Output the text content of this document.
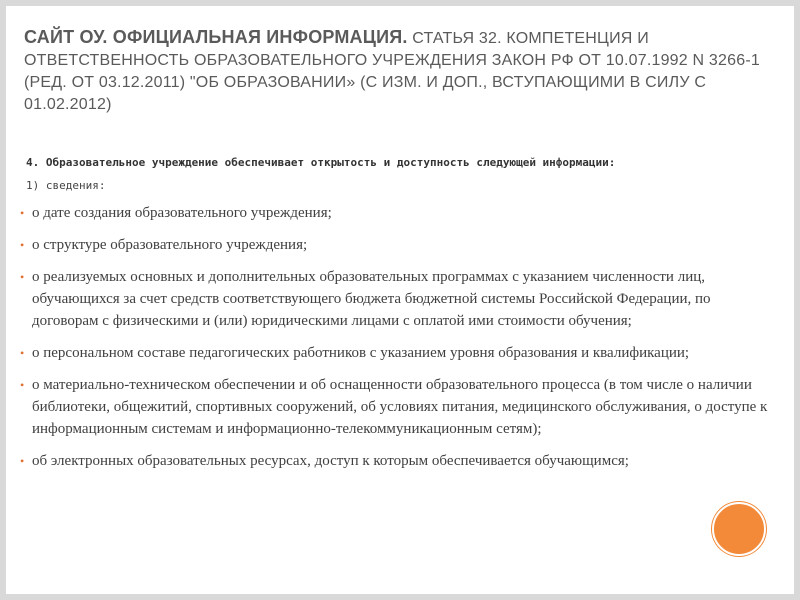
САЙТ ОУ. ОФИЦИАЛЬНАЯ ИНФОРМАЦИЯ. СТАТЬЯ 32. КОМПЕТЕНЦИЯ И ОТВЕТСТВЕННОСТЬ ОБРАЗОВАТЕЛЬНОГО УЧРЕЖДЕНИЯ ЗАКОН РФ ОТ 10.07.1992 N 3266-1 (РЕД. ОТ 03.12.2011) "ОБ ОБРАЗОВАНИИ» (С ИЗМ. И ДОП., ВСТУПАЮЩИМИ В СИЛУ С 01.02.2012)
4. Образовательное учреждение обеспечивает открытость и доступность следующей информации:
1) сведения:
• о дате создания образовательного учреждения;
• о структуре образовательного учреждения;
• о реализуемых основных и дополнительных образовательных программах с указанием численности лиц, обучающихся за счет средств соответствующего бюджета бюджетной системы Российской Федерации, по договорам с физическими и (или) юридическими лицами с оплатой ими стоимости обучения;
• о персональном составе педагогических работников с указанием уровня образования и квалификации;
• о материально-техническом обеспечении и об оснащенности образовательного процесса (в том числе о наличии библиотеки, общежитий, спортивных сооружений, об условиях питания, медицинского обслуживания, о доступе к информационным системам и информационно-телекоммуникационным сетям);
• об электронных образовательных ресурсах, доступ к которым обеспечивается обучающимся;
